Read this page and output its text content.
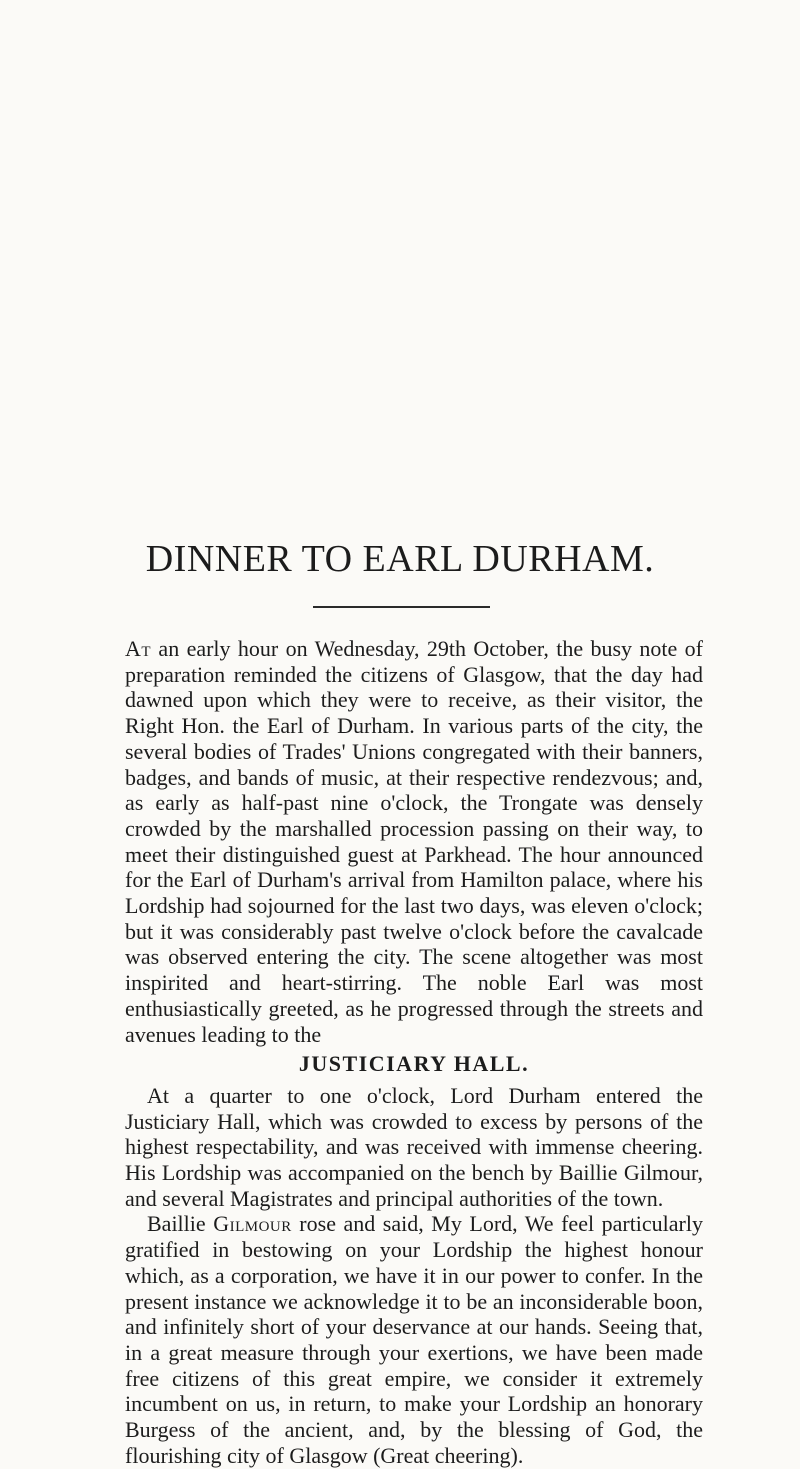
DINNER TO EARL DURHAM.

At an early hour on Wednesday, 29th October, the busy note of preparation reminded the citizens of Glasgow, that the day had dawned upon which they were to receive, as their visitor, the Right Hon. the Earl of Durham. In various parts of the city, the several bodies of Trades' Unions congregated with their banners, badges, and bands of music, at their respective rendezvous; and, as early as half-past nine o'clock, the Trongate was densely crowded by the marshalled procession passing on their way, to meet their distinguished guest at Parkhead. The hour announced for the Earl of Durham's arrival from Hamilton palace, where his Lordship had sojourned for the last two days, was eleven o'clock; but it was considerably past twelve o'clock before the cavalcade was observed entering the city. The scene altogether was most inspirited and heart-stirring. The noble Earl was most enthusiastically greeted, as he progressed through the streets and avenues leading to the

JUSTICIARY HALL.

At a quarter to one o'clock, Lord Durham entered the Justiciary Hall, which was crowded to excess by persons of the highest respectability, and was received with immense cheering. His Lordship was accompanied on the bench by Baillie Gilmour, and several Magistrates and principal authorities of the town.

Baillie Gilmour rose and said, My Lord, We feel particularly gratified in bestowing on your Lordship the highest honour which, as a corporation, we have it in our power to confer. In the present instance we acknowledge it to be an inconsiderable boon, and infinitely short of your deservance at our hands. Seeing that, in a great measure through your exertions, we have been made free citizens of this great empire, we consider it extremely incumbent on us, in return, to make your Lordship an honorary Burgess of the ancient, and, by the blessing of God, the flourishing city of Glasgow (Great cheering).
